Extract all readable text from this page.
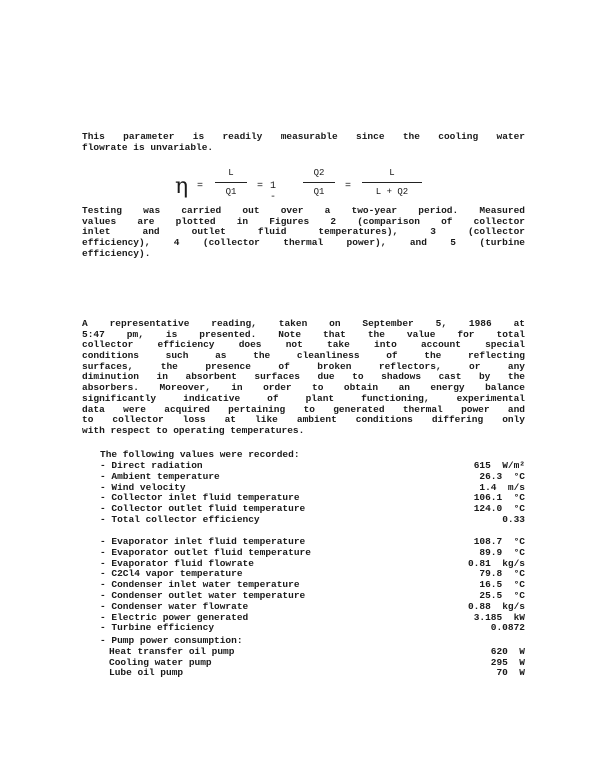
This parameter is readily measurable since the cooling water
flowrate is unvariable.
η =
L
Q1	= 1 -
Q2
Q1	=
L
L + Q2
Testing was carried out over a two-year period. Measured
values are plotted in Figures 2 (comparison of collector
inlet and outlet fluid temperatures), 3 (collector
efficiency), 4 (collector thermal power), and 5 (turbine
efficiency).
A representative reading, taken on September 5, 1986 at
5:47 pm, is presented. Note that the value for total
collector efficiency does not take into account special
conditions such as the cleanliness of the reflecting
surfaces, the presence of broken reflectors, or any
diminution in absorbent surfaces due to shadows cast by the
absorbers. Moreover, in order to obtain an energy balance
significantly indicative of plant functioning, experimental
data were acquired pertaining to generated thermal power and
to collector loss at like ambient conditions differing only
with respect to operating temperatures.
The following values were recorded:
- Direct radiation	615  W/m²
- Ambient temperature	26.3  °C
- Wind velocity	1.4  m/s
- Collector inlet fluid temperature	106.1  °C
- Collector outlet fluid temperature	124.0  °C
- Total collector efficiency	0.33
- Evaporator inlet fluid temperature	108.7  °C
- Evaporator outlet fluid temperature	89.9  °C
- Evaporator fluid flowrate	0.81  kg/s
- C2Cl4 vapor temperature	79.8  °C
- Condenser inlet water temperature	16.5  °C
- Condenser outlet water temperature	25.5  °C
- Condenser water flowrate	0.88  kg/s
- Electric power generated	3.185  kW
- Turbine efficiency	0.0872
- Pump power consumption:
Heat transfer oil pump	620  W
Cooling water pump	295  W
Lube oil pump	70  W
